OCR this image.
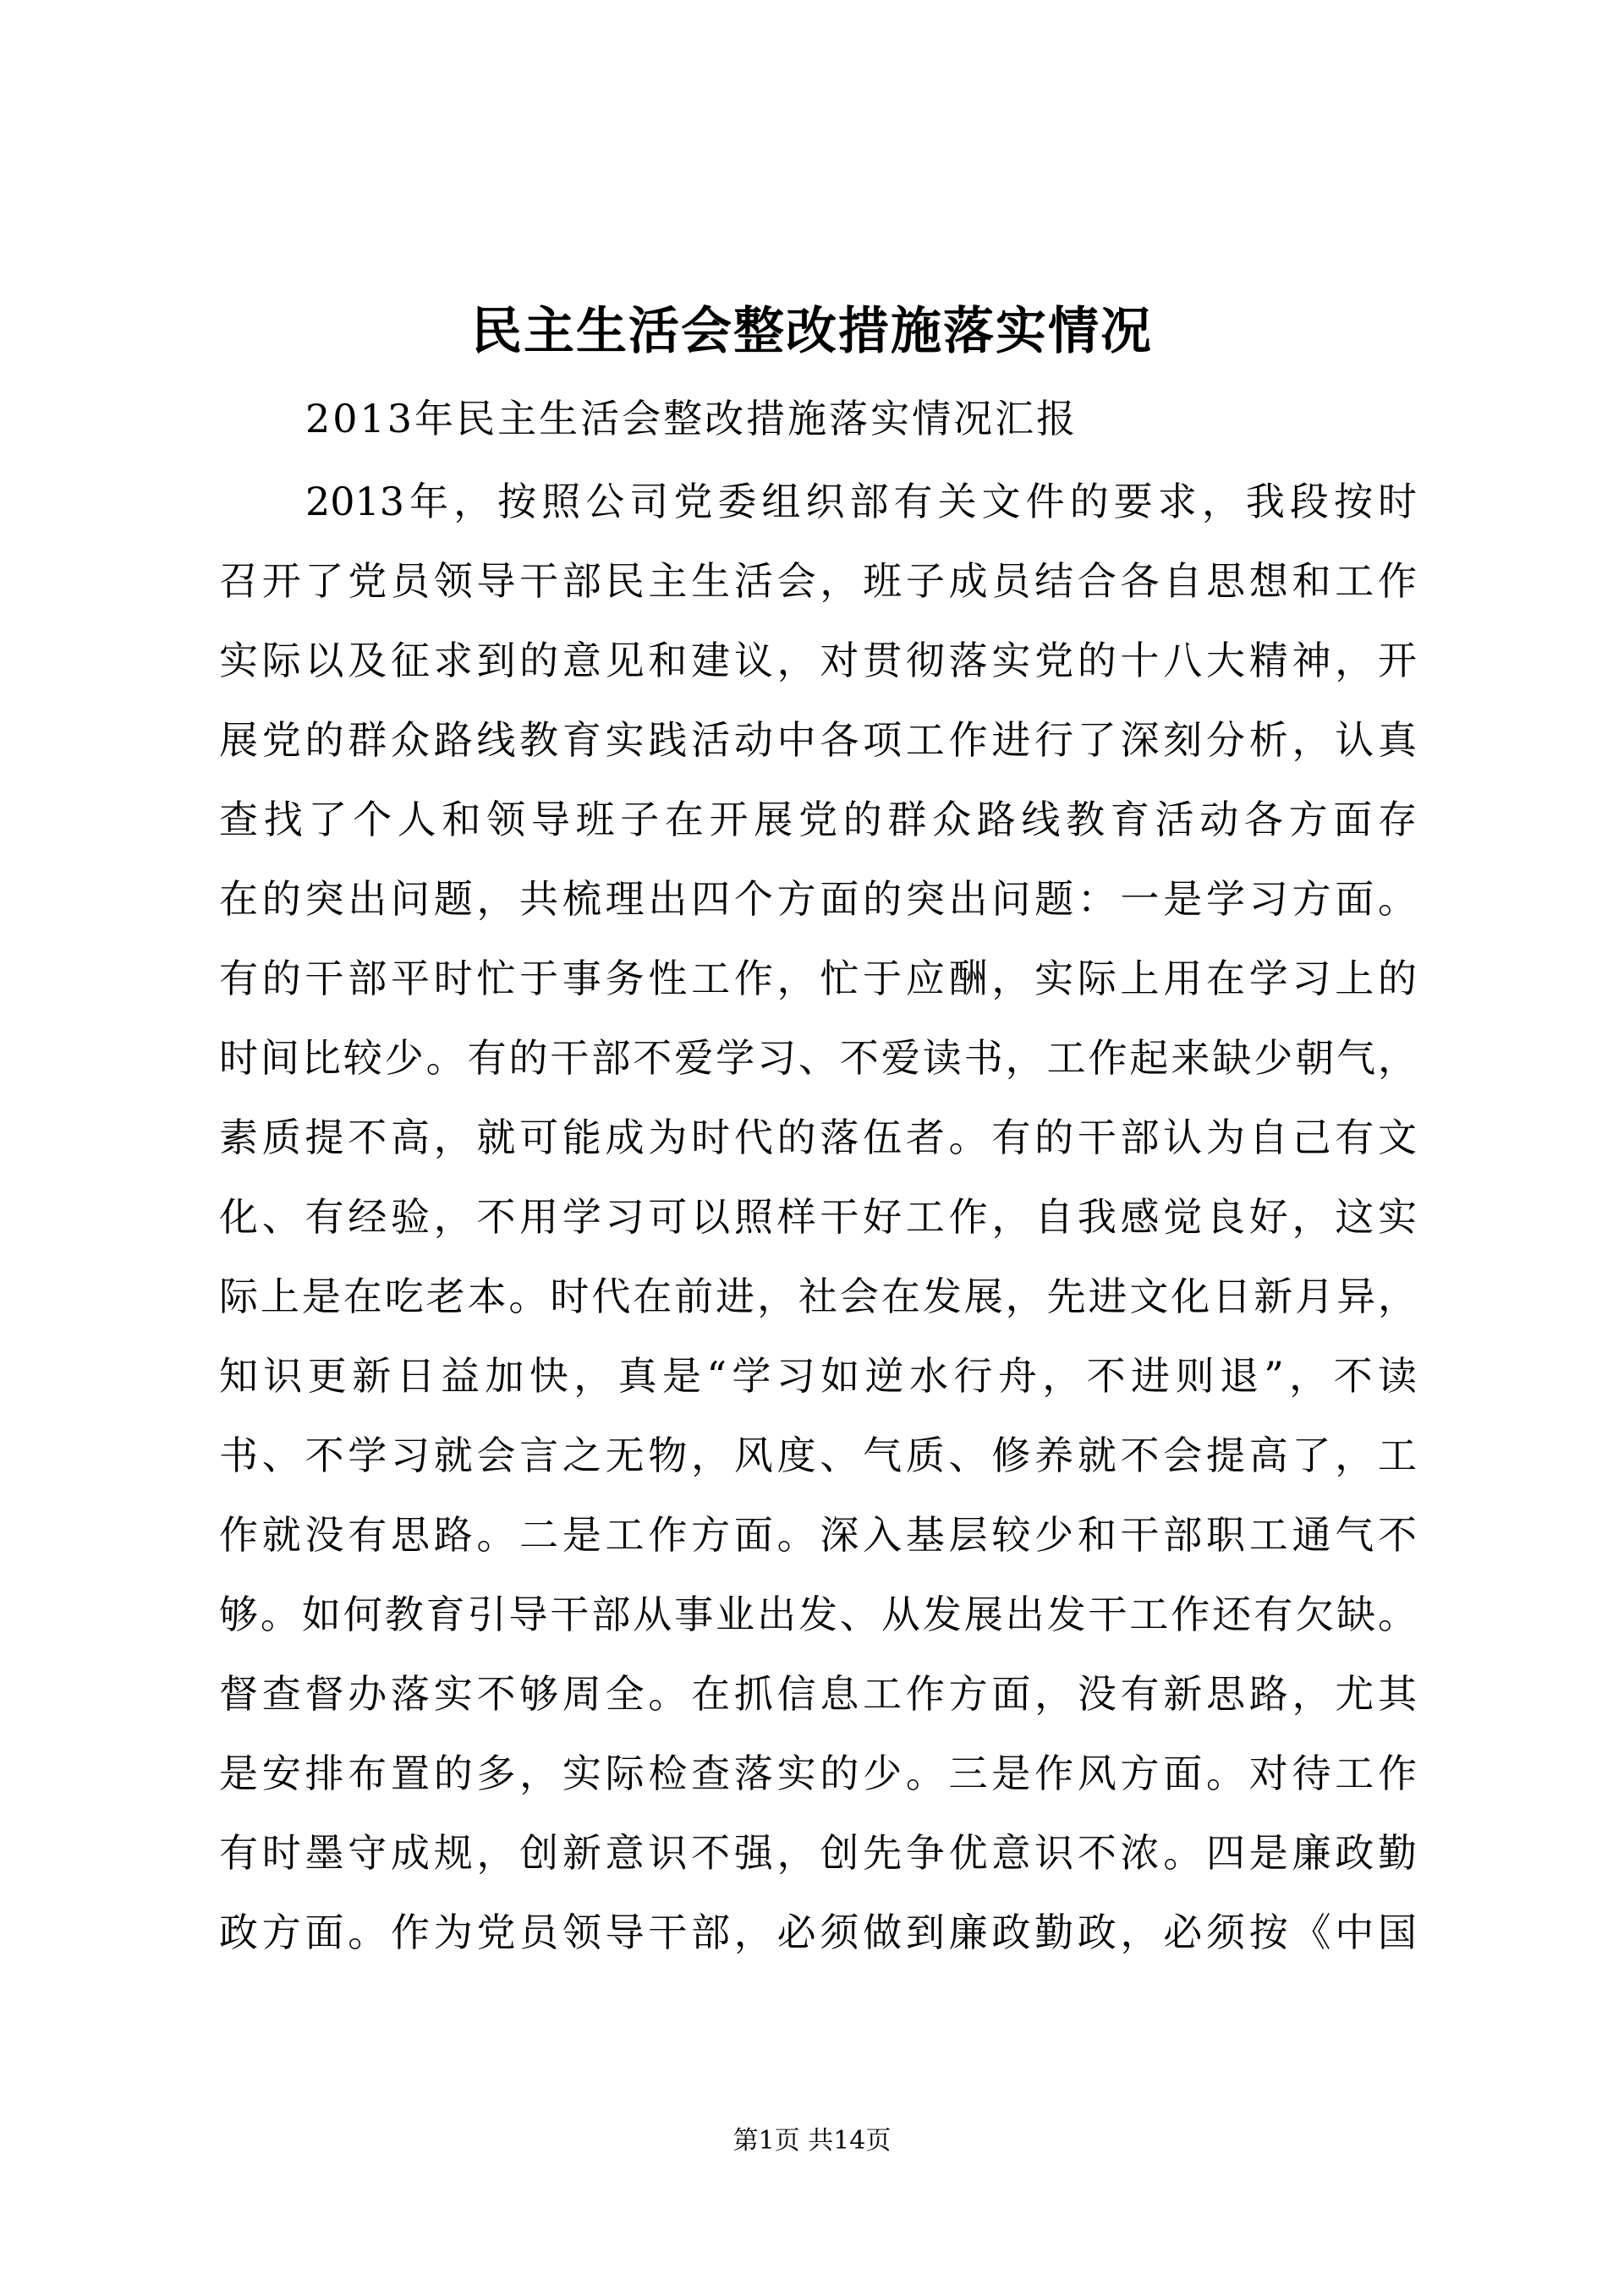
民主生活会整改措施落实情况
2013年民主生活会整改措施落实情况汇报
2013年，按照公司党委组织部有关文件的要求，我段按时
召开了党员领导干部民主生活会，班子成员结合各自思想和工作
实际以及征求到的意见和建议，对贯彻落实党的十八大精神，开
展党的群众路线教育实践活动中各项工作进行了深刻分析，认真
查找了个人和领导班子在开展党的群众路线教育活动各方面存
在的突出问题，共梳理出四个方面的突出问题：一是学习方面。
有的干部平时忙于事务性工作，忙于应酬，实际上用在学习上的
时间比较少。有的干部不爱学习、不爱读书，工作起来缺少朝气，
素质提不高，就可能成为时代的落伍者。有的干部认为自己有文
化、有经验，不用学习可以照样干好工作，自我感觉良好，这实
际上是在吃老本。时代在前进，社会在发展，先进文化日新月异，
知识更新日益加快，真是“学习如逆水行舟，不进则退”，不读
书、不学习就会言之无物，风度、气质、修养就不会提高了，工
作就没有思路。二是工作方面。深入基层较少和干部职工通气不
够。如何教育引导干部从事业出发、从发展出发干工作还有欠缺。
督查督办落实不够周全。在抓信息工作方面，没有新思路，尤其
是安排布置的多，实际检查落实的少。三是作风方面。对待工作
有时墨守成规，创新意识不强，创先争优意识不浓。四是廉政勤
政方面。作为党员领导干部，必须做到廉政勤政，必须按《中国
第1页 共14页
